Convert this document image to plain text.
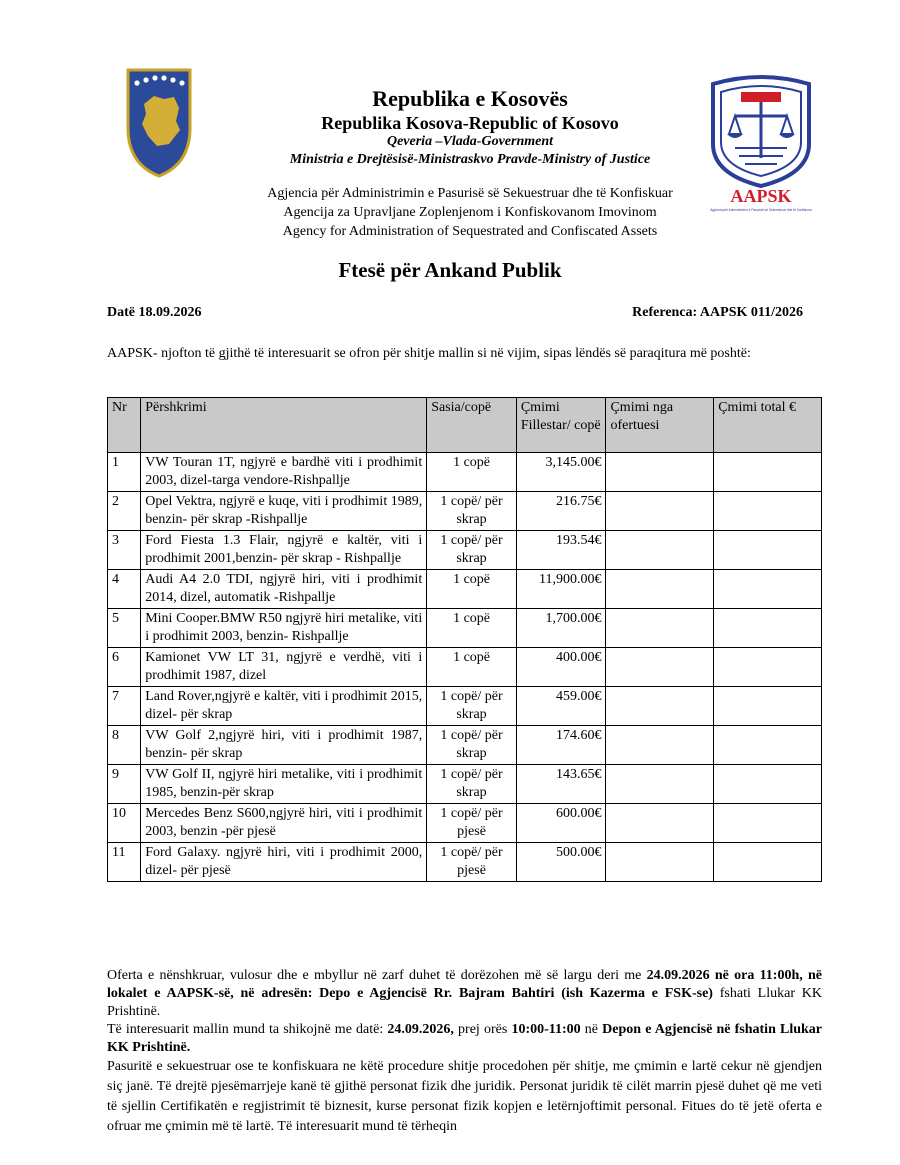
Republika e Kosovës
Republika Kosova-Republic of Kosovo
Qeveria –Vlada-Government
Ministria e Drejtësisë-Ministraskvo Pravde-Ministry of Justice
Agjencia për Administrimin e Pasurisë së Sekuestruar dhe të Konfiskuar
Agencija za Upravljane Zoplenjenom i Konfiskovanom Imovinom
Agency for Administration of Sequestrated and Confiscated Assets
AAPSK
Agjencia për Administrimin e Pasurisë së Sekuestruar dhe të Konfiskuar
Ftesë për Ankand Publik
Datë 18.09.2026	Referenca: AAPSK 011/2026
AAPSK- njofton të gjithë të interesuarit se ofron për shitje mallin si në vijim, sipas lëndës së paraqitura më poshtë:
Nr	Përshkrimi	Sasia/copë	Çmimi Fillestar/ copë	Çmimi nga ofertuesi	Çmimi total €
1	VW Touran 1T, ngjyrë e bardhë viti i prodhimit 2003, dizel-targa vendore-Rishpallje	1 copë	3,145.00€		
2	Opel Vektra, ngjyrë e kuqe, viti i prodhimit 1989, benzin- për skrap -Rishpallje	1 copë/ për skrap	216.75€		
3	Ford Fiesta 1.3 Flair, ngjyrë e kaltër, viti i prodhimit 2001,benzin- për skrap - Rishpallje	1 copë/ për skrap	193.54€		
4	Audi A4 2.0 TDI, ngjyrë hiri, viti i prodhimit 2014, dizel, automatik -Rishpallje	1 copë	11,900.00€		
5	Mini Cooper.BMW R50 ngjyrë hiri metalike, viti i prodhimit 2003, benzin- Rishpallje	1 copë	1,700.00€		
6	Kamionet VW LT 31, ngjyrë e verdhë, viti i prodhimit 1987, dizel	1 copë	400.00€		
7	Land Rover,ngjyrë e kaltër, viti i prodhimit 2015, dizel- për skrap	1 copë/ për skrap	459.00€		
8	VW Golf 2,ngjyrë hiri, viti i prodhimit 1987, benzin- për skrap	1 copë/ për skrap	174.60€		
9	VW Golf II, ngjyrë hiri metalike, viti i prodhimit 1985, benzin-për skrap	1 copë/ për skrap	143.65€		
10	Mercedes Benz S600,ngjyrë hiri, viti i prodhimit 2003, benzin -për pjesë	1 copë/ për pjesë	600.00€		
11	Ford Galaxy. ngjyrë hiri, viti i prodhimit 2000, dizel- për pjesë	1 copë/ për pjesë	500.00€		

Oferta e nënshkruar, vulosur dhe e mbyllur në zarf duhet të dorëzohen më së largu deri me 24.09.2026 në ora 11:00h, në lokalet e AAPSK-së, në adresën: Depo e Agjencisë Rr. Bajram Bahtiri (ish Kazerma e FSK-se) fshati Llukar KK Prishtinë.

Të interesuarit mallin mund ta shikojnë me datë: 24.09.2026, prej orës 10:00-11:00 në Depon e Agjencisë në fshatin Llukar KK Prishtinë.

Pasuritë e sekuestruar ose te konfiskuara ne këtë procedure shitje procedohen për shitje, me çmimin e lartë cekur në gjendjen siç janë. Të drejtë pjesëmarrjeje kanë të gjithë personat fizik dhe juridik. Personat juridik të cilët marrin pjesë duhet që me veti të sjellin Certifikatën e regjistrimit të biznesit, kurse personat fizik kopjen e letërnjoftimit personal. Fitues do të jetë oferta e ofruar me çmimin më të lartë. Të interesuarit mund të tërheqin
